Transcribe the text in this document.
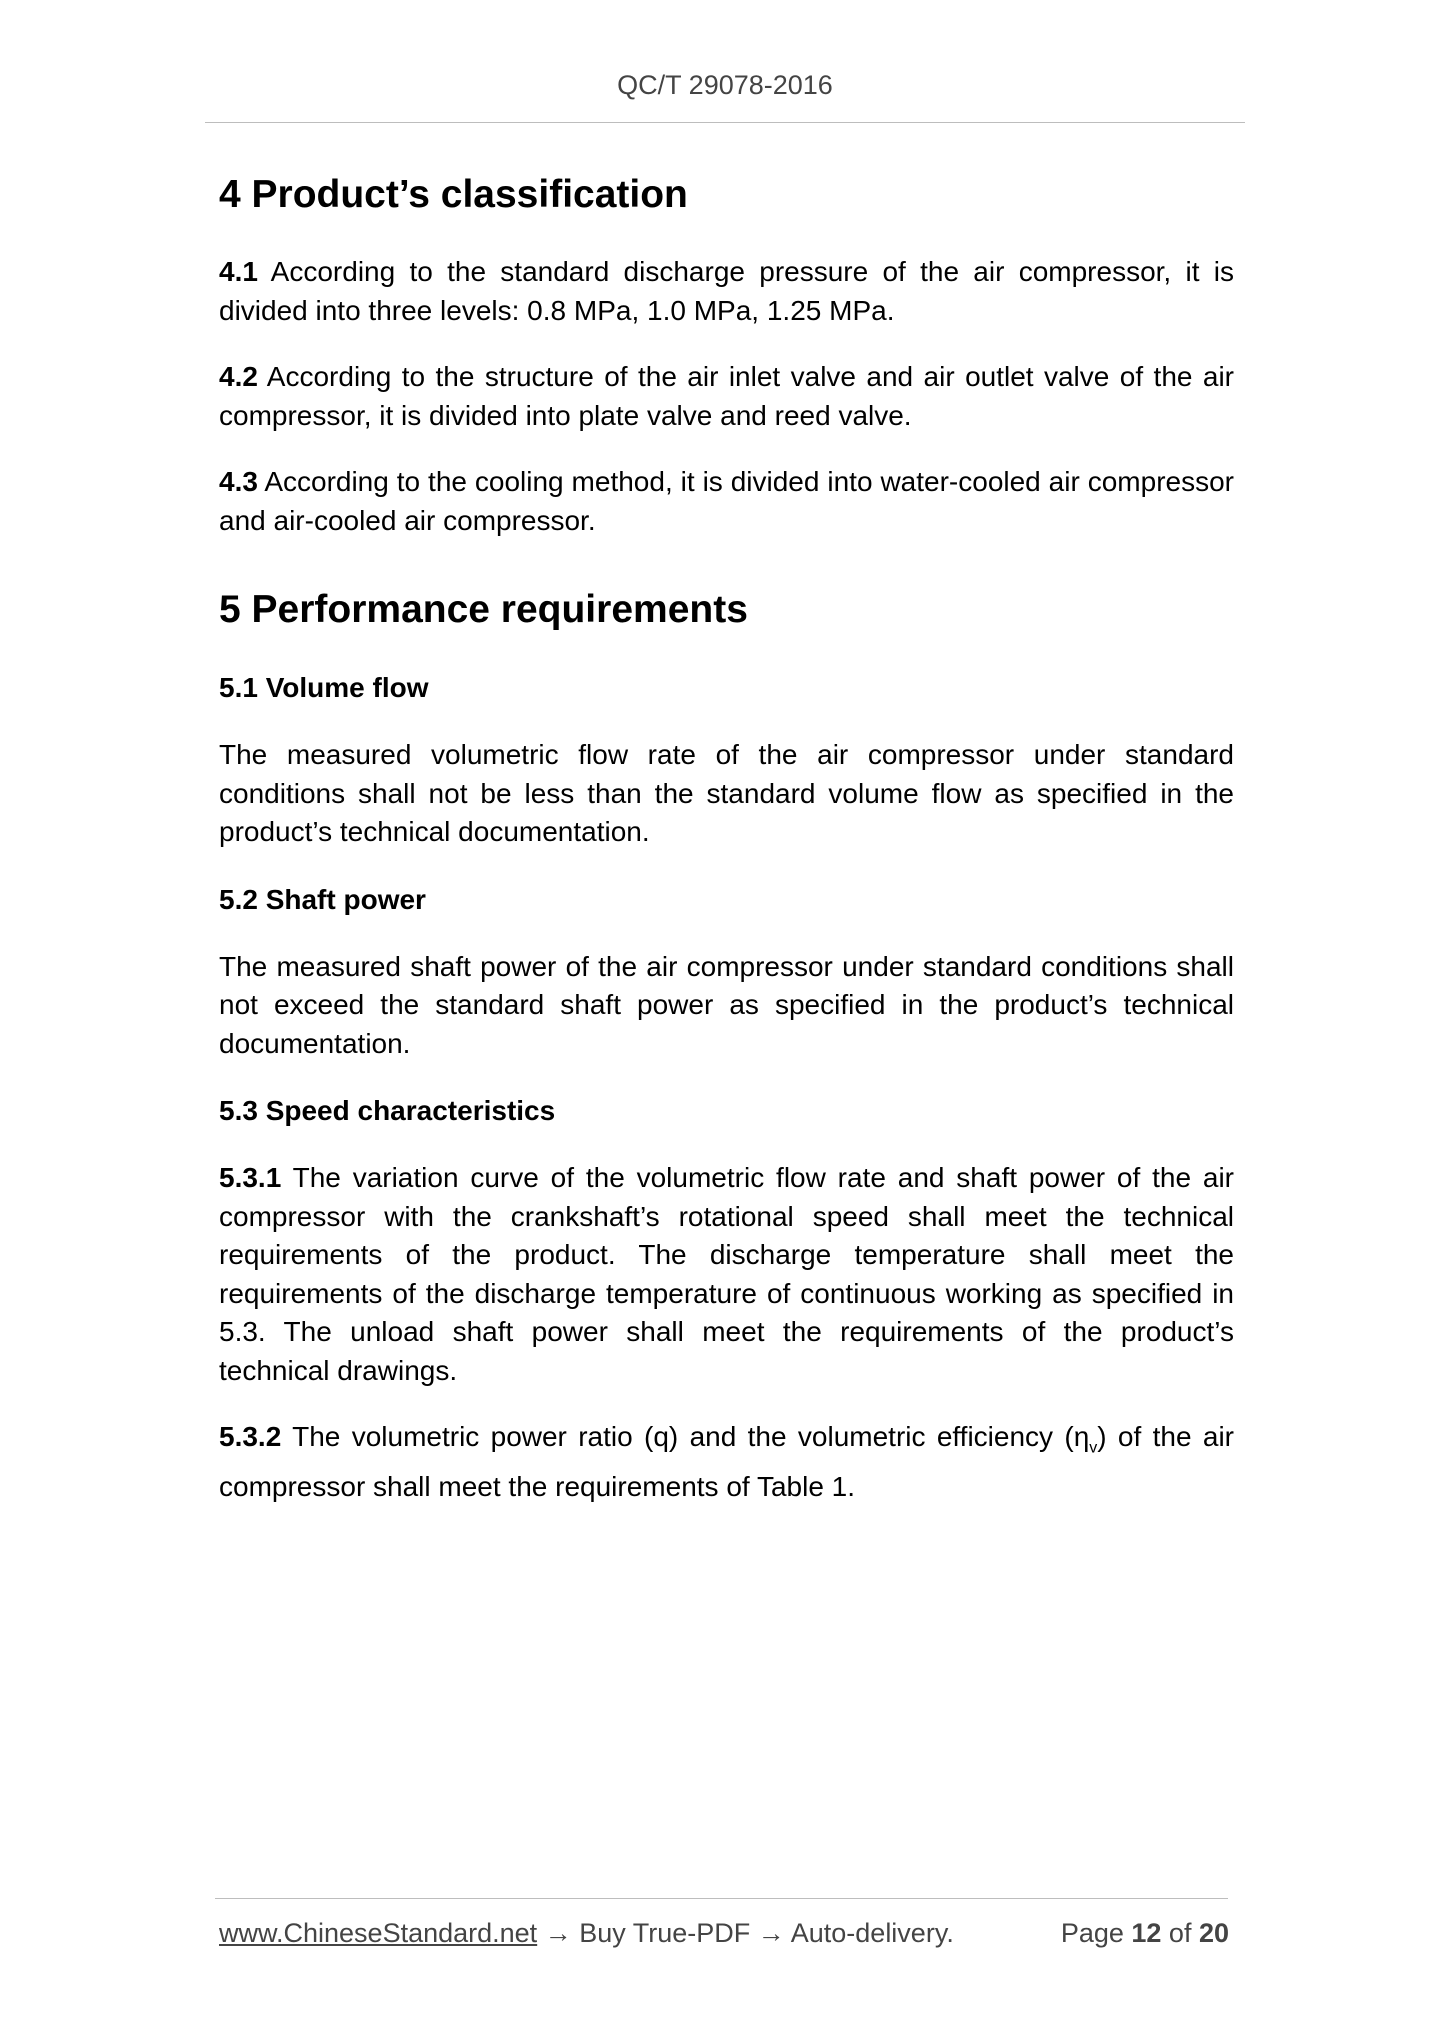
QC/T 29078-2016
4 Product’s classification

4.1 According to the standard discharge pressure of the air compressor, it is divided into three levels: 0.8 MPa, 1.0 MPa, 1.25 MPa.

4.2 According to the structure of the air inlet valve and air outlet valve of the air compressor, it is divided into plate valve and reed valve.

4.3 According to the cooling method, it is divided into water-cooled air compressor and air-cooled air compressor.

5 Performance requirements
5.1 Volume flow

The measured volumetric flow rate of the air compressor under standard conditions shall not be less than the standard volume flow as specified in the product’s technical documentation.

5.2 Shaft power

The measured shaft power of the air compressor under standard conditions shall not exceed the standard shaft power as specified in the product’s technical documentation.

5.3 Speed characteristics

5.3.1 The variation curve of the volumetric flow rate and shaft power of the air compressor with the crankshaft’s rotational speed shall meet the technical requirements of the product. The discharge temperature shall meet the requirements of the discharge temperature of continuous working as specified in 5.3. The unload shaft power shall meet the requirements of the product’s technical drawings.

5.3.2 The volumetric power ratio (q) and the volumetric efficiency $(\eta_v)$ of the air compressor shall meet the requirements of Table 1.

www.ChineseStandard.net → Buy True-PDF → Auto-delivery.	Page 12 of 20
